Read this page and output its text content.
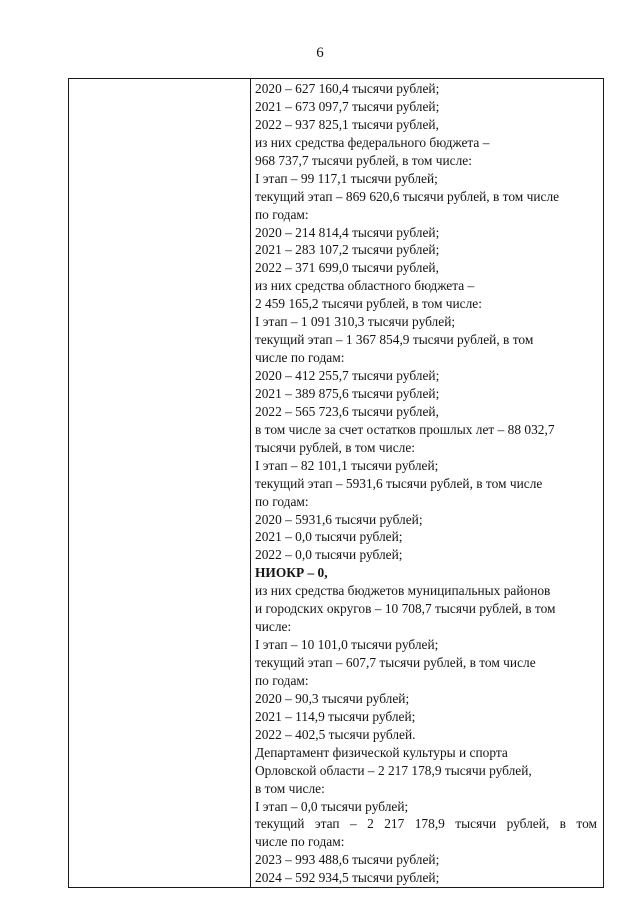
6

2020 – 627 160,4 тысячи рублей;
2021 – 673 097,7 тысячи рублей;
2022 – 937 825,1 тысячи рублей,
из них средства федерального бюджета –
968 737,7 тысячи рублей, в том числе:
I этап – 99 117,1 тысячи рублей;
текущий этап – 869 620,6 тысячи рублей, в том числе
по годам:
2020 – 214 814,4 тысячи рублей;
2021 – 283 107,2 тысячи рублей;
2022 – 371 699,0 тысячи рублей,
из них средства областного бюджета –
2 459 165,2 тысячи рублей, в том числе:
I этап – 1 091 310,3 тысячи рублей;
текущий этап – 1 367 854,9 тысячи рублей, в том
числе по годам:
2020 – 412 255,7 тысячи рублей;
2021 – 389 875,6 тысячи рублей;
2022 – 565 723,6 тысячи рублей,
в том числе за счет остатков прошлых лет – 88 032,7
тысячи рублей, в том числе:
I этап – 82 101,1 тысячи рублей;
текущий этап – 5931,6 тысячи рублей, в том числе
по годам:
2020 – 5931,6 тысячи рублей;
2021 – 0,0 тысячи рублей;
2022 – 0,0 тысячи рублей;
НИОКР – 0,
из них средства бюджетов муниципальных районов
и городских округов – 10 708,7 тысячи рублей, в том
числе:
I этап – 10 101,0 тысячи рублей;
текущий этап – 607,7 тысячи рублей, в том числе
по годам:
2020 – 90,3 тысячи рублей;
2021 – 114,9 тысячи рублей;
2022 – 402,5 тысячи рублей.
Департамент физической культуры и спорта
Орловской области – 2 217 178,9 тысячи рублей,
в том числе:
I этап – 0,0 тысячи рублей;
текущий этап – 2 217 178,9 тысячи рублей, в том
числе по годам:
2023 – 993 488,6 тысячи рублей;
2024 – 592 934,5 тысячи рублей;
